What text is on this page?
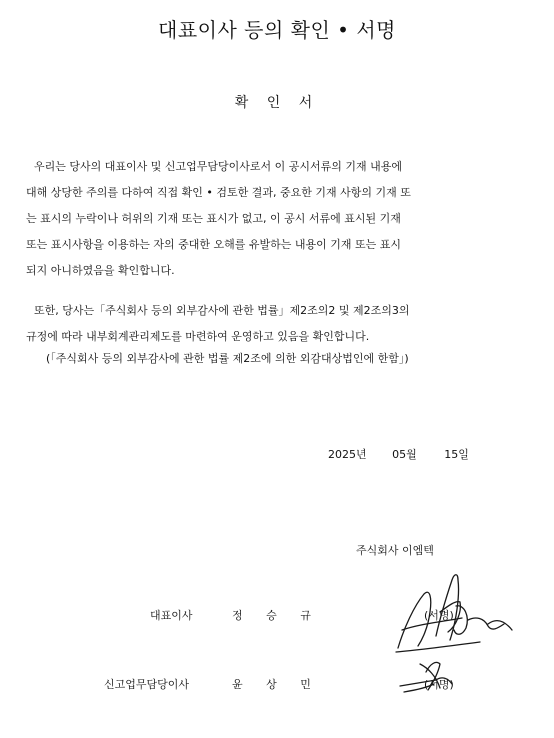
대표이사 등의 확인 • 서명
확 인 서
우리는 당사의 대표이사 및 신고업무담당이사로서 이 공시서류의 기재 내용에
대해 상당한 주의를 다하여 직접 확인 • 검토한 결과, 중요한 기재 사항의 기재 또
는 표시의 누락이나 허위의 기재 또는 표시가 없고, 이 공시 서류에 표시된 기재
또는 표시사항을 이용하는 자의 중대한 오해를 유발하는 내용이 기재 또는 표시
되지 아니하였음을 확인합니다.
또한, 당사는「주식회사 등의 외부감사에 관한 법률」제2조의2 및 제2조의3의
규정에 따라 내부회계관리제도를 마련하여 운영하고 있음을 확인합니다.
(「주식회사 등의 외부감사에 관한 법률 제2조에 의한 외감대상법인에 한함」)
2025년 05월	15일
주식회사 이엠텍
대표이사	정 승 규	(서명)
신고업무담당이사	윤 상 민	(서명)
